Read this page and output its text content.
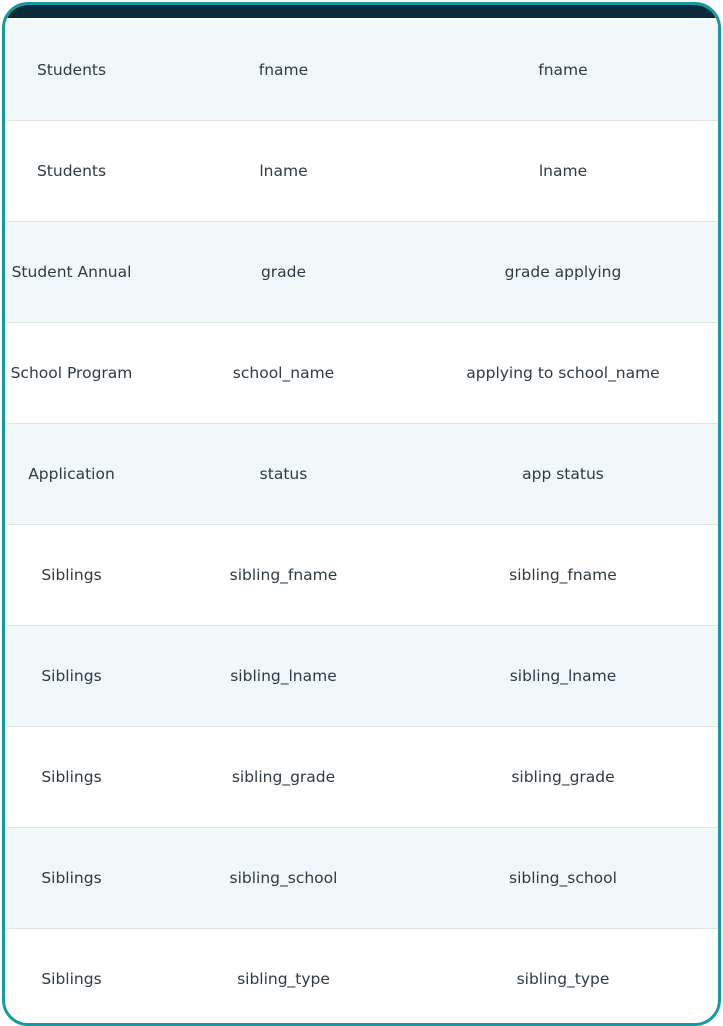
Students	fname	fname
Students	lname	lname
Student Annual	grade	grade applying
School Program	school_name	applying to school_name
Application	status	app status
Siblings	sibling_fname	sibling_fname
Siblings	sibling_lname	sibling_lname
Siblings	sibling_grade	sibling_grade
Siblings	sibling_school	sibling_school
Siblings	sibling_type	sibling_type
